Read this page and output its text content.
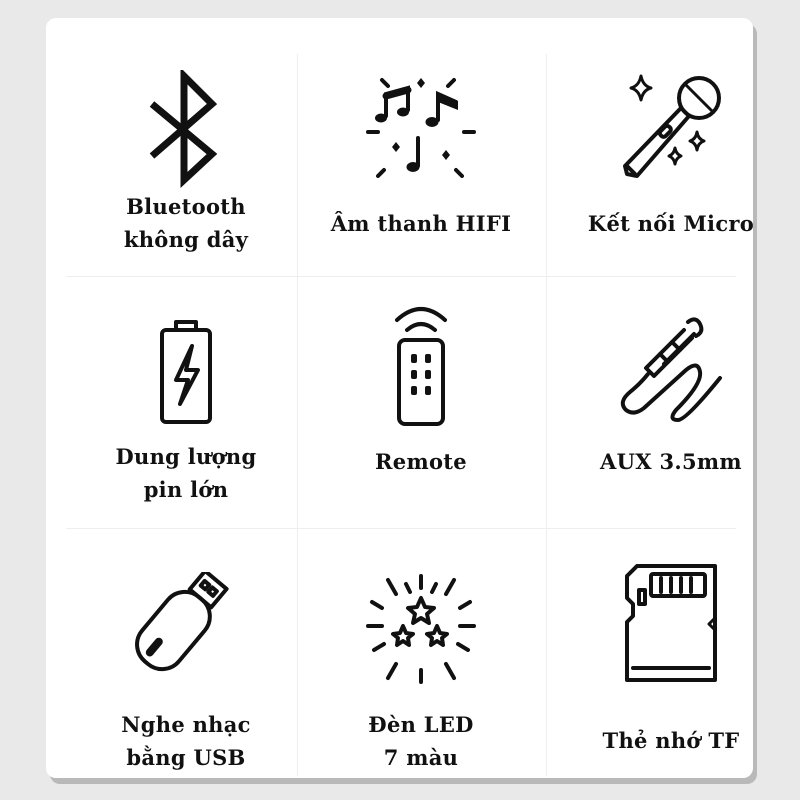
Bluetooth
không dây
Âm thanh HIFI	Kết nối Micro
Dung lượng
pin lớn
Remote	AUX 3.5mm
Nghe nhạc
bằng USB
Đèn LED
7 màu
Thẻ nhớ TF
